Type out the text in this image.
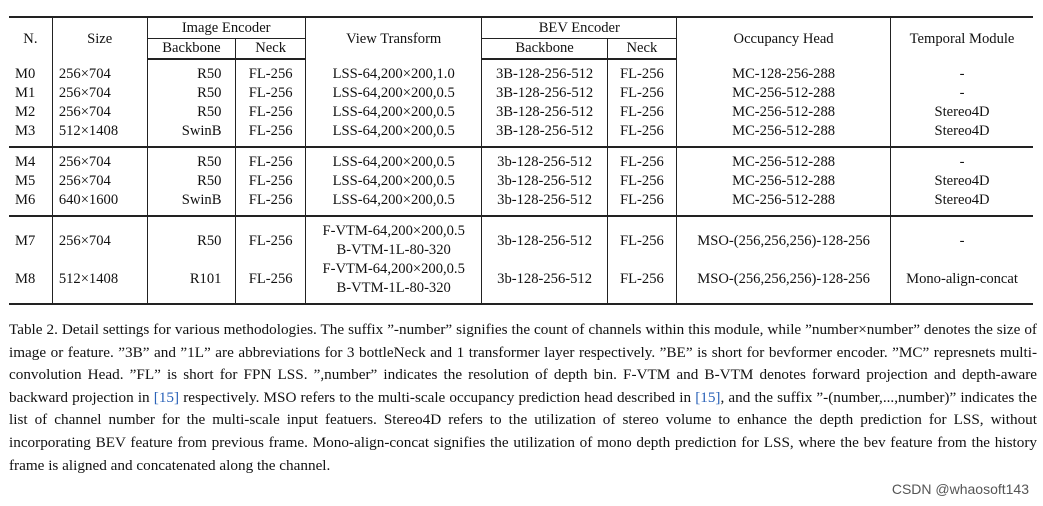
N.	Size	Image Encoder		View Transform	BEV Encoder		Occupancy Head	Temporal Module
		Backbone	Neck		Backbone	Neck		
M0	256×704	R50	FL-256	LSS-64,200×200,1.0	3B-128-256-512	FL-256	MC-128-256-288	-
M1	256×704	R50	FL-256	LSS-64,200×200,0.5	3B-128-256-512	FL-256	MC-256-512-288	-
M2	256×704	R50	FL-256	LSS-64,200×200,0.5	3B-128-256-512	FL-256	MC-256-512-288	Stereo4D
M3	512×1408	SwinB	FL-256	LSS-64,200×200,0.5	3B-128-256-512	FL-256	MC-256-512-288	Stereo4D
M4	256×704	R50	FL-256	LSS-64,200×200,0.5	3b-128-256-512	FL-256	MC-256-512-288	-
M5	256×704	R50	FL-256	LSS-64,200×200,0.5	3b-128-256-512	FL-256	MC-256-512-288	Stereo4D
M6	640×1600	SwinB	FL-256	LSS-64,200×200,0.5	3b-128-256-512	FL-256	MC-256-512-288	Stereo4D
M7	256×704	R50	FL-256	F-VTM-64,200×200,0.5
B-VTM-1L-80-320	3b-128-256-512	FL-256	MSO-(256,256,256)-128-256	-
M8	512×1408	R101	FL-256	F-VTM-64,200×200,0.5
B-VTM-1L-80-320	3b-128-256-512	FL-256	MSO-(256,256,256)-128-256	Mono-align-concat
Table 2. Detail settings for various methodologies. The suffix ”-number” signifies the count of channels within this module, while ”number×number” denotes the size of image or feature. ”3B” and ”1L” are abbreviations for 3 bottleNeck and 1 transformer layer respectively. ”BE” is short for bevformer encoder. ”MC” represnets multi-convolution Head. ”FL” is short for FPN LSS. ”,number” indicates the resolution of depth bin. F-VTM and B-VTM denotes forward projection and depth-aware backward projection in [15] respectively. MSO refers to the multi-scale occupancy prediction head described in [15], and the suffix ”-(number,...,number)” indicates the list of channel number for the multi-scale input featuers. Stereo4D refers to the utilization of stereo volume to enhance the depth prediction for LSS, without incorporating BEV feature from previous frame. Mono-align-concat signifies the utilization of mono depth prediction for LSS, where the bev feature from the history frame is aligned and concatenated along the channel.
CSDN @whaosoft143
